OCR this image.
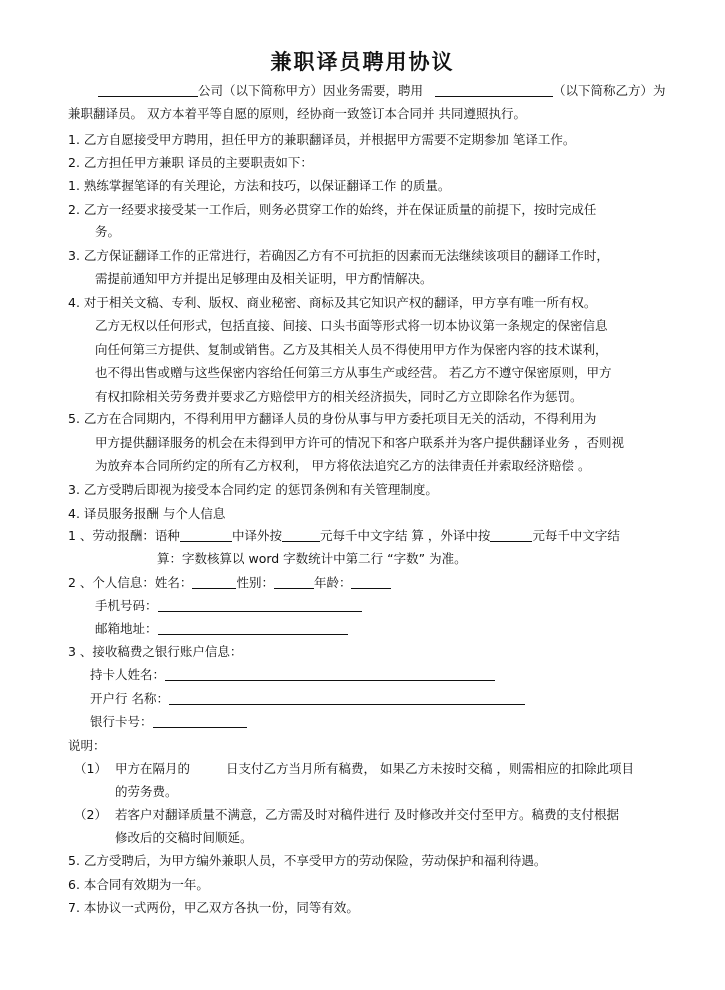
兼职译员聘用协议
公司（以下简称甲方）因业务需要，聘用	（以下简称乙方）为
兼职翻译员。 双方本着平等自愿的原则，经协商一致签订本合同并 共同遵照执行。
1. 乙方自愿接受甲方聘用，担任甲方的兼职翻译员，并根据甲方需要不定期参加 笔译工作。
2. 乙方担任甲方兼职 译员的主要职责如下：
1. 熟练掌握笔译的有关理论，方法和技巧，以保证翻译工作 的质量。
2. 乙方一经要求接受某一工作后，则务必贯穿工作的始终，并在保证质量的前提下，按时完成任
务。
3. 乙方保证翻译工作的正常进行，若确因乙方有不可抗拒的因素而无法继续该项目的翻译工作时，
需提前通知甲方并提出足够理由及相关证明，甲方酌情解决。
4. 对于相关文稿、专利、版权、商业秘密、商标及其它知识产权的翻译，甲方享有唯一所有权。
乙方无权以任何形式，包括直接、间接、口头书面等形式将一切本协议第一条规定的保密信息
向任何第三方提供、复制或销售。乙方及其相关人员不得使用甲方作为保密内容的技术谋利，
也不得出售或赠与这些保密内容给任何第三方从事生产或经营。 若乙方不遵守保密原则，甲方
有权扣除相关劳务费并要求乙方赔偿甲方的相关经济损失，同时乙方立即除名作为惩罚。
5. 乙方在合同期内，不得利用甲方翻译人员的身份从事与甲方委托项目无关的活动，不得利用为
甲方提供翻译服务的机会在未得到甲方许可的情况下和客户联系并为客户提供翻译业务 ，否则视
为放弃本合同所约定的所有乙方权利， 甲方将依法追究乙方的法律责任并索取经济赔偿 。
3. 乙方受聘后即视为接受本合同约定 的惩罚条例和有关管理制度。
4. 译员服务报酬 与个人信息
1 、劳动报酬：语种	中译外按	元每千中文字结 算 ，外译中按	元每千中文字结
算：字数核算以 word 字数统计中第二行 “字数” 为准。
2 、个人信息：姓名：	性别：	年龄：
手机号码：
邮箱地址：
3 、接收稿费之银行账户信息：
持卡人姓名：
开户行 名称：
银行卡号：
说明：
（1） 甲方在隔月的	日支付乙方当月所有稿费， 如果乙方未按时交稿 ，则需相应的扣除此项目
的劳务费。
（2） 若客户对翻译质量不满意，乙方需及时对稿件进行 及时修改并交付至甲方。稿费的支付根据
修改后的交稿时间顺延。
5. 乙方受聘后，为甲方编外兼职人员，不享受甲方的劳动保险，劳动保护和福利待遇。
6. 本合同有效期为一年。
7. 本协议一式两份，甲乙双方各执一份，同等有效。
